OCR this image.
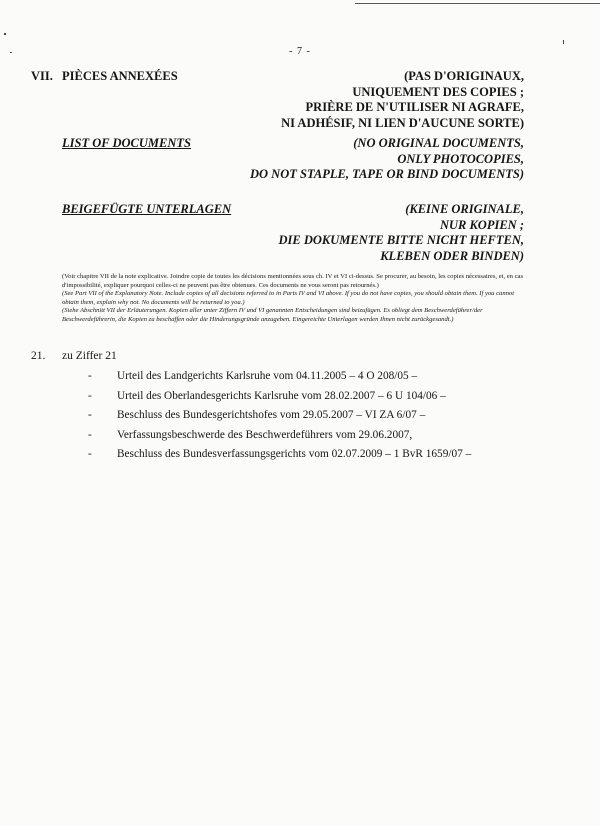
- 7 -
VII. PIÈCES ANNEXÉES	(PAS D'ORIGINAUX,
UNIQUEMENT DES COPIES ;
PRIÈRE DE N'UTILISER NI AGRAFE,
NI ADHÉSIF, NI LIEN D'AUCUNE SORTE)
LIST OF DOCUMENTS	(NO ORIGINAL DOCUMENTS,
ONLY PHOTOCOPIES,
DO NOT STAPLE, TAPE OR BIND DOCUMENTS)
BEIGEFÜGTE UNTERLAGEN	(KEINE ORIGINALE,
NUR KOPIEN ;
DIE DOKUMENTE BITTE NICHT HEFTEN,
KLEBEN ODER BINDEN)

(Voir chapitre VII de la note explicative. Joindre copie de toutes les décisions mentionnées sous ch. IV et VI ci-dessus. Se procurer, au besoin, les copies nécessaires, et, en cas d'impossibilité, expliquer pourquoi celles-ci ne peuvent pas être obtenues. Ces documents ne vous seront pas retournés.)

(See Part VII of the Explanatory Note. Include copies of all decisions referred to in Parts IV and VI above. If you do not have copies, you should obtain them. If you cannot obtain them, explain why not. No documents will be returned to you.)

(Siehe Abschnitt VII der Erläuterungen. Kopien aller unter Ziffern IV und VI genannten Entscheidungen sind beizufügen. Es obliegt dem Beschwerdeführer/der Beschwerdeführerin, die Kopien zu beschaffen oder die Hinderungsgründe anzugeben. Eingereichte Unterlagen werden Ihnen nicht zurückgesandt.)

21. zu Ziffer 21
- Urteil des Landgerichts Karlsruhe vom 04.11.2005 – 4 O 208/05 –
- Urteil des Oberlandesgerichts Karlsruhe vom 28.02.2007 – 6 U 104/06 –
- Beschluss des Bundesgerichtshofes vom 29.05.2007 – VI ZA 6/07 –
- Verfassungsbeschwerde des Beschwerdeführers vom 29.06.2007,
- Beschluss des Bundesverfassungsgerichts vom 02.07.2009 – 1 BvR 1659/07 –
